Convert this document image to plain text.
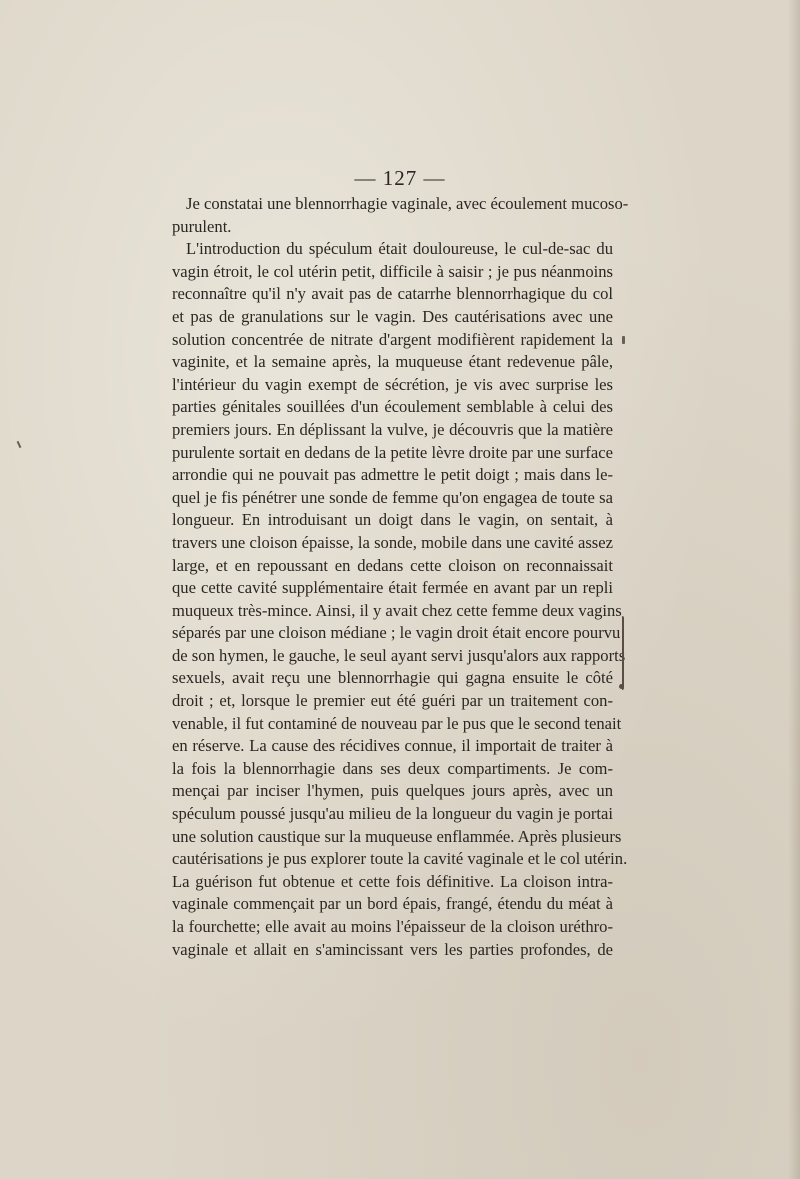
— 127 —
Je constatai une blennorrhagie vaginale, avec écoulement mucoso-
purulent.
L'introduction du spéculum était douloureuse, le cul-de-sac du
vagin étroit, le col utérin petit, difficile à saisir ; je pus néanmoins
reconnaître qu'il n'y avait pas de catarrhe blennorrhagique du col
et pas de granulations sur le vagin. Des cautérisations avec une
solution concentrée de nitrate d'argent modifièrent rapidement la
vaginite, et la semaine après, la muqueuse étant redevenue pâle,
l'intérieur du vagin exempt de sécrétion, je vis avec surprise les
parties génitales souillées d'un écoulement semblable à celui des
premiers jours. En déplissant la vulve, je découvris que la matière
purulente sortait en dedans de la petite lèvre droite par une surface
arrondie qui ne pouvait pas admettre le petit doigt ; mais dans le-
quel je fis pénétrer une sonde de femme qu'on engagea de toute sa
longueur. En introduisant un doigt dans le vagin, on sentait, à
travers une cloison épaisse, la sonde, mobile dans une cavité assez
large, et en repoussant en dedans cette cloison on reconnaissait
que cette cavité supplémentaire était fermée en avant par un repli
muqueux très-mince. Ainsi, il y avait chez cette femme deux vagins
séparés par une cloison médiane ; le vagin droit était encore pourvu
de son hymen, le gauche, le seul ayant servi jusqu'alors aux rapports
sexuels, avait reçu une blennorrhagie qui gagna ensuite le côté
droit ; et, lorsque le premier eut été guéri par un traitement con-
venable, il fut contaminé de nouveau par le pus que le second tenait
en réserve. La cause des récidives connue, il importait de traiter à
la fois la blennorrhagie dans ses deux compartiments. Je com-
mençai par inciser l'hymen, puis quelques jours après, avec un
spéculum poussé jusqu'au milieu de la longueur du vagin je portai
une solution caustique sur la muqueuse enflammée. Après plusieurs
cautérisations je pus explorer toute la cavité vaginale et le col utérin.
La guérison fut obtenue et cette fois définitive. La cloison intra-
vaginale commençait par un bord épais, frangé, étendu du méat à
la fourchette; elle avait au moins l'épaisseur de la cloison uréthro-
vaginale et allait en s'amincissant vers les parties profondes, de
